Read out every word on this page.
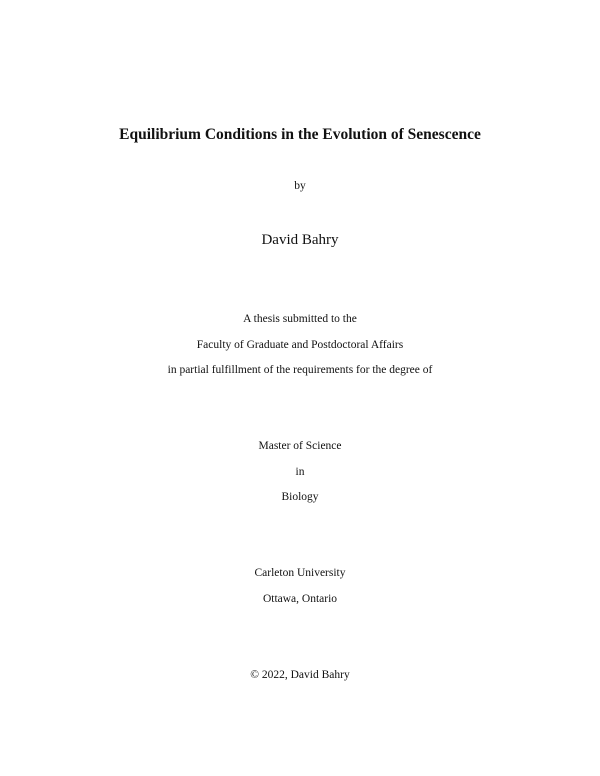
Equilibrium Conditions in the Evolution of Senescence
by
David Bahry
A thesis submitted to the
Faculty of Graduate and Postdoctoral Affairs
in partial fulfillment of the requirements for the degree of
Master of Science
in
Biology
Carleton University
Ottawa, Ontario
© 2022, David Bahry
